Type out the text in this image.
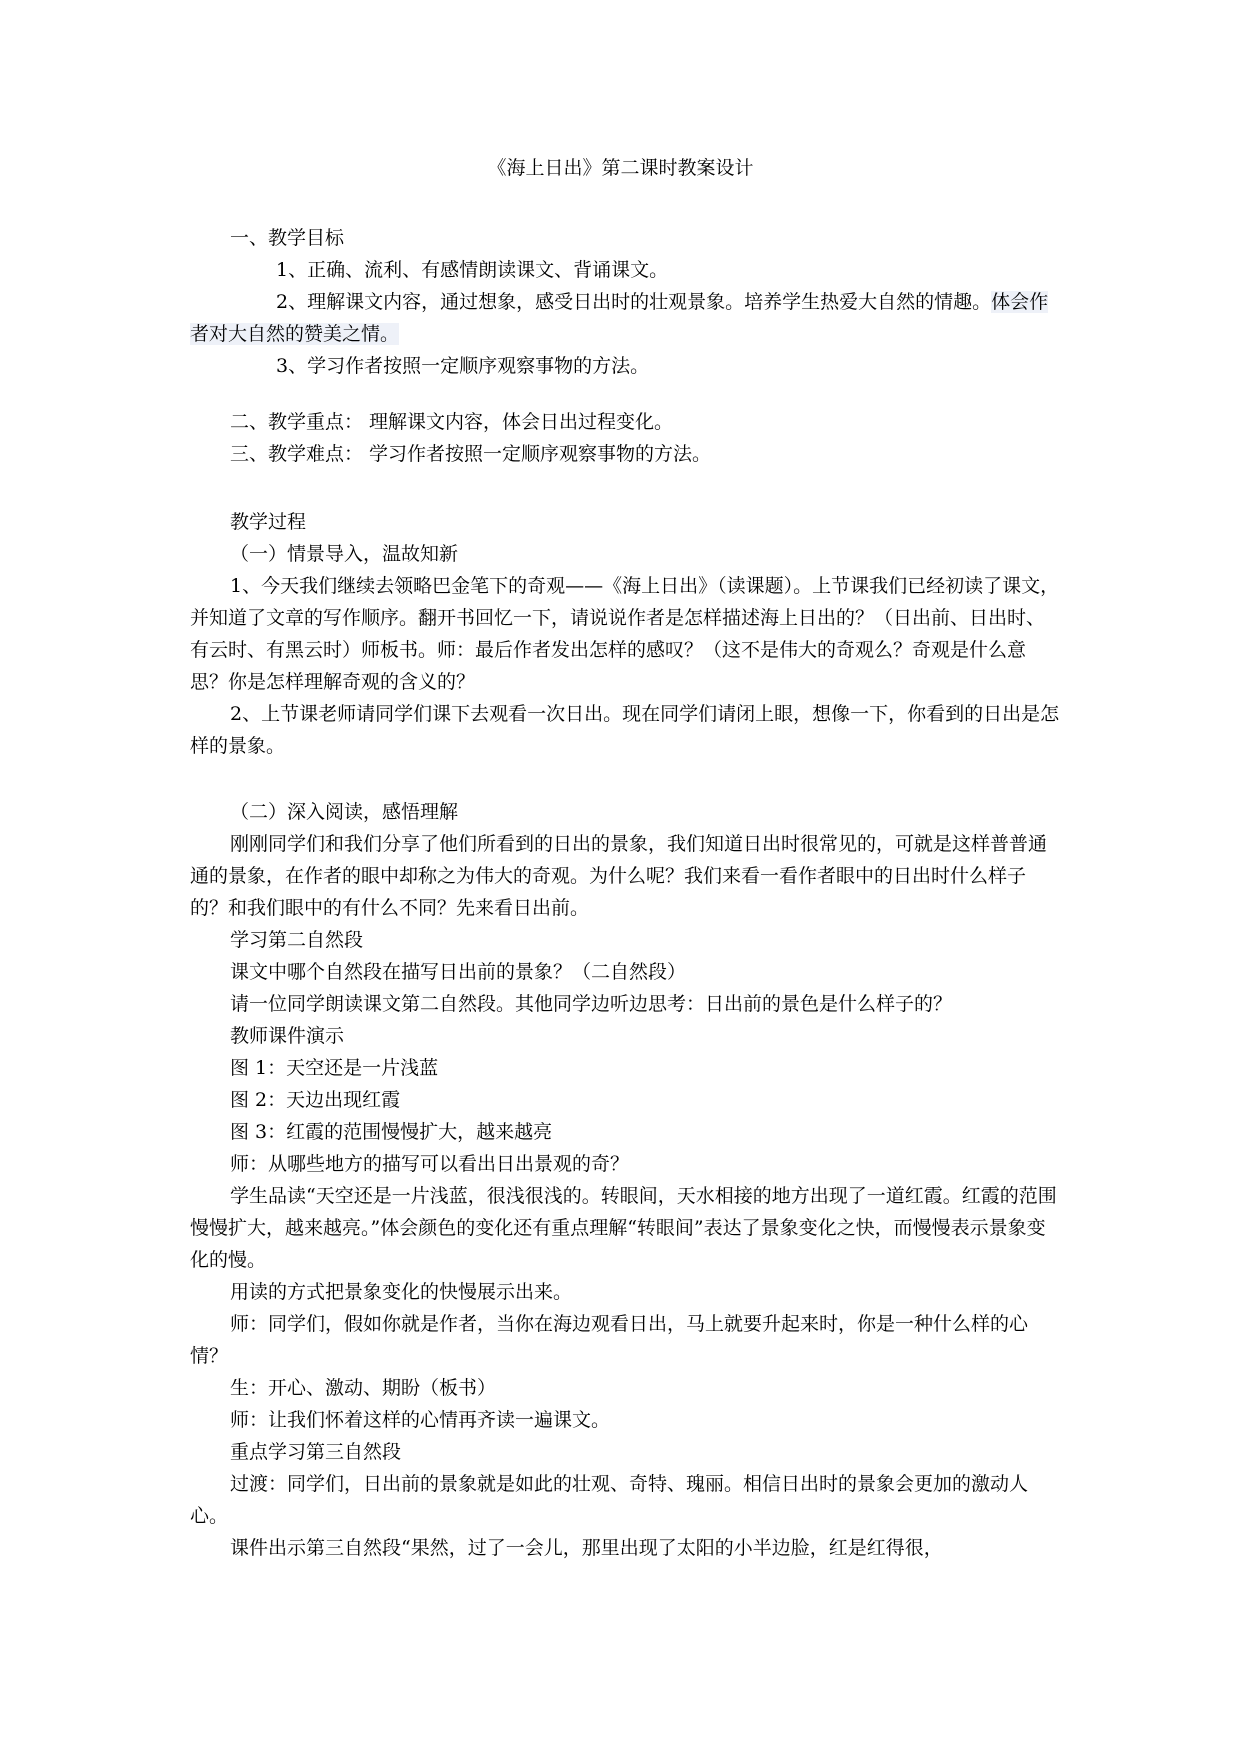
《海上日出》第二课时教案设计

一、教学目标

1、正确、流利、有感情朗读课文、背诵课文。

2、理解课文内容，通过想象，感受日出时的壮观景象。培养学生热爱大自然的情趣。体会作者对大自然的赞美之情。

3、学习作者按照一定顺序观察事物的方法。

二、教学重点： 理解课文内容，体会日出过程变化。

三、教学难点： 学习作者按照一定顺序观察事物的方法。

教学过程

（一）情景导入，温故知新

1、今天我们继续去领略巴金笔下的奇观——《海上日出》（读课题）。上节课我们已经初读了课文，并知道了文章的写作顺序。翻开书回忆一下，请说说作者是怎样描述海上日出的？（日出前、日出时、有云时、有黑云时）师板书。师：最后作者发出怎样的感叹？（这不是伟大的奇观么？奇观是什么意思？你是怎样理解奇观的含义的？

2、上节课老师请同学们课下去观看一次日出。现在同学们请闭上眼，想像一下，你看到的日出是怎样的景象。

（二）深入阅读，感悟理解

刚刚同学们和我们分享了他们所看到的日出的景象，我们知道日出时很常见的，可就是这样普普通通的景象，在作者的眼中却称之为伟大的奇观。为什么呢？我们来看一看作者眼中的日出时什么样子的？和我们眼中的有什么不同？先来看日出前。

学习第二自然段

课文中哪个自然段在描写日出前的景象？（二自然段）

请一位同学朗读课文第二自然段。其他同学边听边思考：日出前的景色是什么样子的？

教师课件演示

图 1：天空还是一片浅蓝

图 2：天边出现红霞

图 3：红霞的范围慢慢扩大，越来越亮

师：从哪些地方的描写可以看出日出景观的奇？

学生品读“天空还是一片浅蓝，很浅很浅的。转眼间，天水相接的地方出现了一道红霞。红霞的范围慢慢扩大，越来越亮。”体会颜色的变化还有重点理解“转眼间”表达了景象变化之快，而慢慢表示景象变化的慢。

用读的方式把景象变化的快慢展示出来。

师：同学们，假如你就是作者，当你在海边观看日出，马上就要升起来时，你是一种什么样的心情？

生：开心、激动、期盼（板书）

师：让我们怀着这样的心情再齐读一遍课文。

重点学习第三自然段

过渡：同学们，日出前的景象就是如此的壮观、奇特、瑰丽。相信日出时的景象会更加的激动人心。

课件出示第三自然段“果然，过了一会儿，那里出现了太阳的小半边脸，红是红得很，
